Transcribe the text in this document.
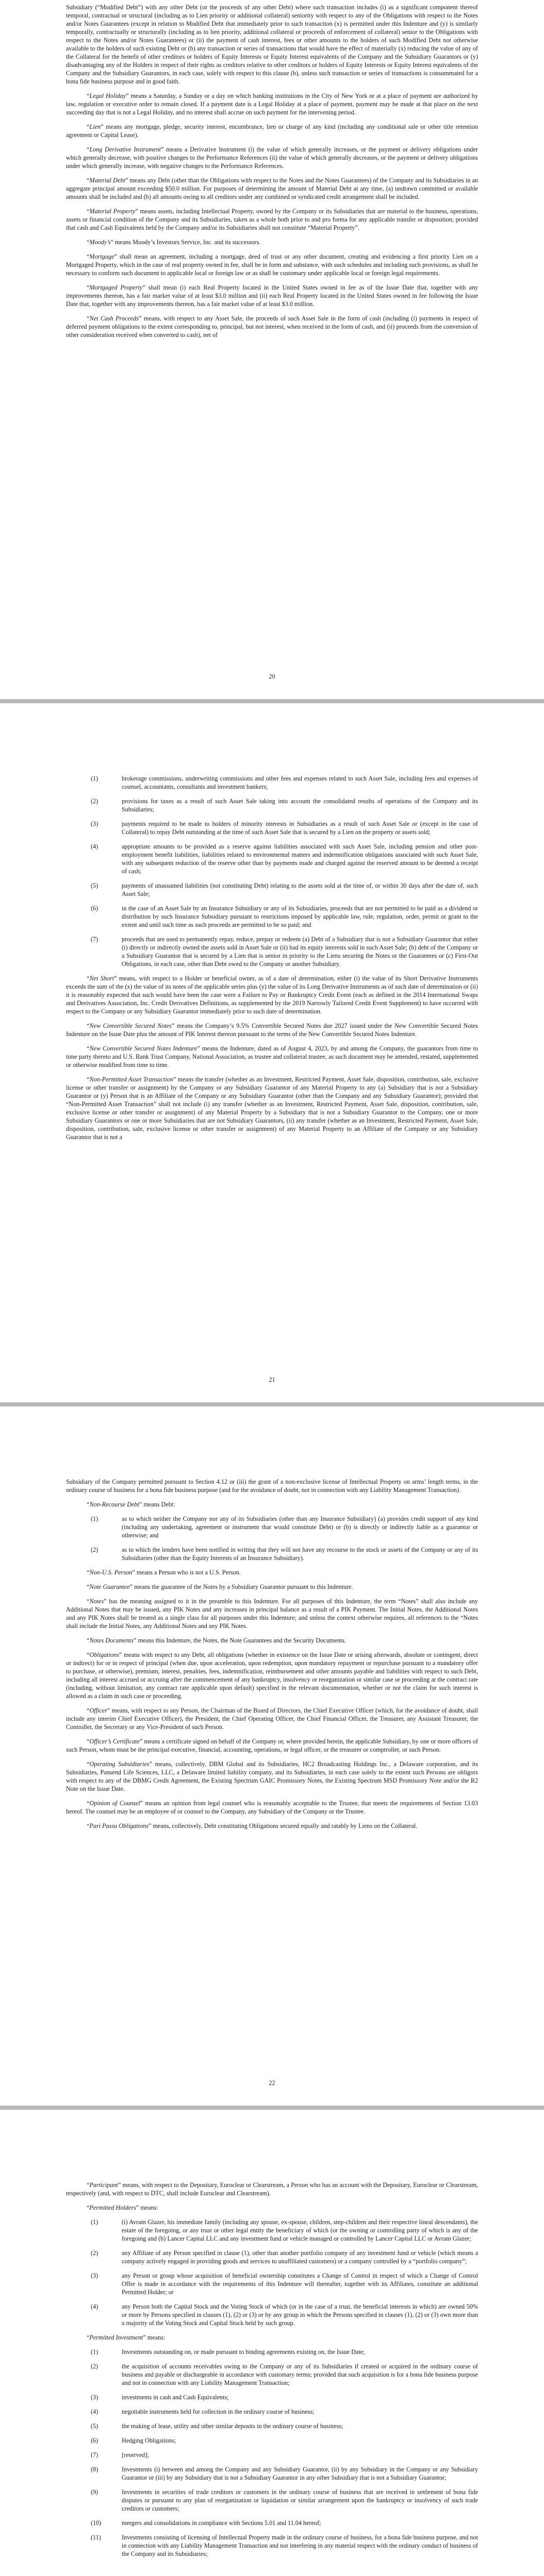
Subsidiary (“Modified Debt”) with any other Debt (or the proceeds of any other Debt) where such transaction includes (i) as a significant component thereof temporal, contractual or structural (including as to Lien priority or additional collateral) seniority with respect to any of the Obligations with respect to the Notes and/or Notes Guarantees (except in relation to Modified Debt that immediately prior to such transaction (x) is permitted under this Indenture and (y) is similarly temporally, contractually or structurally (including as to lien priority, additional collateral or proceeds of enforcement of collateral) senior to the Obligations with respect to the Notes and/or Notes Guarantees) or (ii) the payment of cash interest, fees or other amounts to the holders of such Modified Debt not otherwise available to the holders of such existing Debt or (b) any transaction or series of transactions that would have the effect of materially (x) reducing the value of any of the Collateral for the benefit of other creditors or holders of Equity Interests or Equity Interest equivalents of the Company and the Subsidiary Guarantors or (y) disadvantaging any of the Holders in respect of their rights as creditors relative to other creditors or holders of Equity Interests or Equity Interest equivalents of the Company and the Subsidiary Guarantors, in each case, solely with respect to this clause (b), unless such transaction or series of transactions is consummated for a bona fide business purpose and in good faith.

“Legal Holiday” means a Saturday, a Sunday or a day on which banking institutions in the City of New York or at a place of payment are authorized by law, regulation or executive order to remain closed. If a payment date is a Legal Holiday at a place of payment, payment may be made at that place on the next succeeding day that is not a Legal Holiday, and no interest shall accrue on such payment for the intervening period.

“Lien” means any mortgage, pledge, security interest, encumbrance, lien or charge of any kind (including any conditional sale or other title retention agreement or Capital Lease).

“Long Derivative Instrument” means a Derivative Instrument (i) the value of which generally increases, or the payment or delivery obligations under which generally decrease, with positive changes to the Performance References (ii) the value of which generally decreases, or the payment or delivery obligations under which generally increase, with negative changes to the Performance References.

“Material Debt” means any Debt (other than the Obligations with respect to the Notes and the Notes Guarantees) of the Company and its Subsidiaries in an aggregate principal amount exceeding $50.0 million. For purposes of determining the amount of Material Debt at any time, (a) undrawn committed or available amounts shall be included and (b) all amounts owing to all creditors under any combined or syndicated credit arrangement shall be included.

“Material Property” means assets, including Intellectual Property, owned by the Company or its Subsidiaries that are material to the business, operations, assets or financial condition of the Company and its Subsidiaries, taken as a whole both prior to and pro forma for any applicable transfer or disposition; provided that cash and Cash Equivalents held by the Company and/or its Subsidiaries shall not constitute “Material Property”.

“Moody’s” means Moody’s Investors Service, Inc. and its successors.

“Mortgage” shall mean an agreement, including a mortgage, deed of trust or any other document, creating and evidencing a first priority Lien on a Mortgaged Property, which in the case of real property owned in fee, shall be in form and substance, with such schedules and including such provisions, as shall be necessary to conform such document to applicable local or foreign law or as shall be customary under applicable local or foreign legal requirements.

“Mortgaged Property” shall mean (i) each Real Property located in the United States owned in fee as of the Issue Date that, together with any improvements thereon, has a fair market value of at least $3.0 million and (ii) each Real Property located in the United States owned in fee following the Issue Date that, together with any improvements thereon, has a fair market value of at least $3.0 million.

“Net Cash Proceeds” means, with respect to any Asset Sale, the proceeds of such Asset Sale in the form of cash (including (i) payments in respect of deferred payment obligations to the extent corresponding to, principal, but not interest, when received in the form of cash, and (ii) proceeds from the conversion of other consideration received when converted to cash), net of

20

(1)	brokerage commissions, underwriting commissions and other fees and expenses related to such Asset Sale, including fees and expenses of counsel, accountants, consultants and investment bankers;

(2)	provisions for taxes as a result of such Asset Sale taking into account the consolidated results of operations of the Company and its Subsidiaries;

(3)	payments required to be made to holders of minority interests in Subsidiaries as a result of such Asset Sale or (except in the case of Collateral) to repay Debt outstanding at the time of such Asset Sale that is secured by a Lien on the property or assets sold;

(4)	appropriate amounts to be provided as a reserve against liabilities associated with such Asset Sale, including pension and other post-employment benefit liabilities, liabilities related to environmental matters and indemnification obligations associated with such Asset Sale, with any subsequent reduction of the reserve other than by payments made and charged against the reserved amount to be deemed a receipt of cash;

(5)	payments of unassumed liabilities (not constituting Debt) relating to the assets sold at the time of, or within 30 days after the date of, such Asset Sale;

(6)	in the case of an Asset Sale by an Insurance Subsidiary or any of its Subsidiaries, proceeds that are not permitted to be paid as a dividend or distribution by such Insurance Subsidiary pursuant to restrictions imposed by applicable law, rule, regulation, order, permit or grant to the extent and until such time as such proceeds are permitted to be so paid; and

(7)	proceeds that are used to permanently repay, reduce, prepay or redeem (a) Debt of a Subsidiary that is not a Subsidiary Guarantor that either (i) directly or indirectly owned the assets sold in Asset Sale or (ii) had its equity interests sold in such Asset Sale; (b) debt of the Company or a Subsidiary Guarantor that is secured by a Lien that is senior in priority to the Liens securing the Notes or the Guarantees or (c) First-Out Obligations, in each case, other than Debt owed to the Company or another Subsidiary.

“Net Short” means, with respect to a Holder or beneficial owner, as of a date of determination, either (i) the value of its Short Derivative Instruments exceeds the sum of the (x) the value of its notes of the applicable series plus (y) the value of its Long Derivative Instruments as of such date of determination or (ii) it is reasonably expected that such would have been the case were a Failure to Pay or Bankruptcy Credit Event (each as defined in the 2014 International Swaps and Derivatives Association, Inc. Credit Derivatives Definitions, as supplemented by the 2019 Narrowly Tailored Credit Event Supplement) to have occurred with respect to the Company or any Subsidiary Guarantor immediately prior to such date of determination.

“New Convertible Secured Notes” means the Company’s 9.5% Convertible Secured Notes due 2027 issued under the New Convertible Secured Notes Indenture on the Issue Date plus the amount of PIK Interest thereon pursuant to the terms of the New Convertible Secured Notes Indenture.

“New Convertible Secured Notes Indenture” means the Indenture, dated as of August 4, 2023, by and among the Company, the guarantors from time to time party thereto and U.S. Bank Trust Company, National Association, as trustee and collateral trustee, as such document may be amended, restated, supplemented or otherwise modified from time to time.

“Non-Permitted Asset Transaction” means the transfer (whether as an Investment, Restricted Payment, Asset Sale, disposition, contribution, sale, exclusive license or other transfer or assignment) by the Company or any Subsidiary Guarantor of any Material Property to any (a) Subsidiary that is not a Subsidiary Guarantor or (y) Person that is an Affiliate of the Company or any Subsidiary Guarantor (other than the Company and any Subsidiary Guarantor); provided that “Non-Permitted Asset Transaction” shall not include (i) any transfer (whether as an Investment, Restricted Payment, Asset Sale, disposition, contribution, sale, exclusive license or other transfer or assignment) of any Material Property by a Subsidiary that is not a Subsidiary Guarantor to the Company, one or more Subsidiary Guarantors or one or more Subsidiaries that are not Subsidiary Guarantors, (ii) any transfer (whether as an Investment, Restricted Payment, Asset Sale, disposition, contribution, sale, exclusive license or other transfer or assignment) of any Material Property to an Affiliate of the Company or any Subsidiary Guarantor that is not a

21

Subsidiary of the Company permitted pursuant to Section 4.12 or (iii) the grant of a non-exclusive license of Intellectual Property on arms’ length terms, in the ordinary course of business for a bona fide business purpose (and for the avoidance of doubt, not in connection with any Liability Management Transaction).

“Non-Recourse Debt” means Debt:

(1)	as to which neither the Company nor any of its Subsidiaries (other than any Insurance Subsidiary) (a) provides credit support of any kind (including any undertaking, agreement or instrument that would constitute Debt) or (b) is directly or indirectly liable as a guarantor or otherwise; and

(2)	as to which the lenders have been notified in writing that they will not have any recourse to the stock or assets of the Company or any of its Subsidiaries (other than the Equity Interests of an Insurance Subsidiary).

“Non-U.S. Person” means a Person who is not a U.S. Person.

“Note Guarantee” means the guarantee of the Notes by a Subsidiary Guarantor pursuant to this Indenture.

“Notes” has the meaning assigned to it in the preamble to this Indenture. For all purposes of this Indenture, the term “Notes” shall also include any Additional Notes that may be issued, any PIK Notes and any increases in principal balance as a result of a PIK Payment. The Initial Notes, the Additional Notes and any PIK Notes shall be treated as a single class for all purposes under this Indenture; and unless the context otherwise requires, all references to the “Notes shall include the Initial Notes, any Additional Notes and any PIK Notes.

“Notes Documents” means this Indenture, the Notes, the Note Guarantees and the Security Documents.

“Obligations” means with respect to any Debt, all obligations (whether in existence on the Issue Date or arising afterwards, absolute or contingent, direct or indirect) for or in respect of principal (when due, upon acceleration, upon redemption, upon mandatory repayment or repurchase pursuant to a mandatory offer to purchase, or otherwise), premium, interest, penalties, fees, indemnification, reimbursement and other amounts payable and liabilities with respect to such Debt, including all interest accrued or accruing after the commencement of any bankruptcy, insolvency or reorganization or similar case or proceeding at the contract rate (including, without limitation, any contract rate applicable upon default) specified in the relevant documentation, whether or not the claim for such interest is allowed as a claim in such case or proceeding.

“Officer” means, with respect to any Person, the Chairman of the Board of Directors, the Chief Executive Officer (which, for the avoidance of doubt, shall include any interim Chief Executive Officer), the President, the Chief Operating Officer, the Chief Financial Officer, the Treasurer, any Assistant Treasurer, the Controller, the Secretary or any Vice-President of such Person.

“Officer’s Certificate” means a certificate signed on behalf of the Company or, where provided herein, the applicable Subsidiary, by one or more officers of such Person, whom must be the principal executive, financial, accounting, operations, or legal officer, or the treasurer or comptroller, or such Person.

“Operating Subsidiaries” means, collectively, DBM Global and its Subsidiaries, HC2 Broadcasting Holdings Inc., a Delaware corporation, and its Subsidiaries, Pansend Life Sciences, LLC, a Delaware limited liability company, and its Subsidiaries, in each case solely to the extent such Persons are obligors with respect to any of the DBMG Credit Agreement, the Existing Spectrum GAIC Promissory Notes, the Existing Spectrum MSD Promissory Note and/or the R2 Note on the Issue Date.

“Opinion of Counsel” means an opinion from legal counsel who is reasonably acceptable to the Trustee, that meets the requirements of Section 13.03 hereof. The counsel may be an employee of or counsel to the Company, any Subsidiary of the Company or the Trustee.

“Pari Passu Obligations” means, collectively, Debt constituting Obligations secured equally and ratably by Liens on the Collateral.

22

“Participant” means, with respect to the Depositary, Euroclear or Clearstream, a Person who has an account with the Depositary, Euroclear or Clearstream, respectively (and, with respect to DTC, shall include Euroclear and Clearstream).

“Permitted Holders” means:

(1)	(i) Avram Glazer, his immediate family (including any spouse, ex-spouse, children, step-children and their respective lineal descendants), the estate of the foregoing, or any trust or other legal entity the beneficiary of which (or the owning or controlling party of which is any of the foregoing and (b) Lancer Capital LLC and any investment fund or vehicle managed or controlled by Lancer Capital LLC or Avram Glazer;

(2)	any Affiliate of any Person specified in clause (1), other than another portfolio company of any investment fund or vehicle (which means a company actively engaged in providing goods and services to unaffiliated customers) or a company controlled by a “portfolio company”;

(3)	any Person or group whose acquisition of beneficial ownership constitutes a Change of Control in respect of which a Change of Control Offer is made in accordance with the requirements of this Indenture will thereafter, together with its Affiliates, constitute an additional Permitted Holder; or

(4)	any Person both the Capital Stock and the Voting Stock of which (or in the case of a trust, the beneficial interests in which) are owned 50% or more by Persons specified in clauses (1), (2) or (3) or by any group in which the Persons specified in clauses (1), (2) or (3) own more than a majority of the Voting Stock and Capital Stock held by such group.

“Permitted Investment” means:

(1)	Investments outstanding on, or made pursuant to binding agreements existing on, the Issue Date;

(2)	the acquisition of accounts receivables owing to the Company or any of its Subsidiaries if created or acquired in the ordinary course of business and payable or dischargeable in accordance with customary terms; provided that such acquisition is for a bona fide business purpose and not in connection with any Liability Management Transaction;

(3)	investments in cash and Cash Equivalents;

(4)	negotiable instruments held for collection in the ordinary course of business;

(5)	the making of lease, utility and other similar deposits in the ordinary course of business;

(6)	Hedging Obligations;

(7)	[reserved];

(8)	Investments (i) between and among the Company and any Subsidiary Guarantor, (ii) by any Subsidiary in the Company or any Subsidiary Guarantor or (iii) by any Subsidiary that is not a Subsidiary Guarantor in any other Subsidiary that is not a Subsidiary Guarantor;

(9)	Investments in securities of trade creditors or customers in the ordinary course of business that are received in settlement of bona fide disputes or pursuant to any plan of reorganization or liquidation or similar arrangement upon the bankruptcy or insolvency of such trade creditors or customers;

(10)	mergers and consolidations in compliance with Sections 5.01 and 11.04 hereof;

(11)	Investments consisting of licensing of Intellectual Property made in the ordinary course of business, for a bona fide business purpose, and not in connection with any Liability Management Transaction and not interfering in any material respect with the ordinary conduct of business of the Company and its Subsidiaries;
